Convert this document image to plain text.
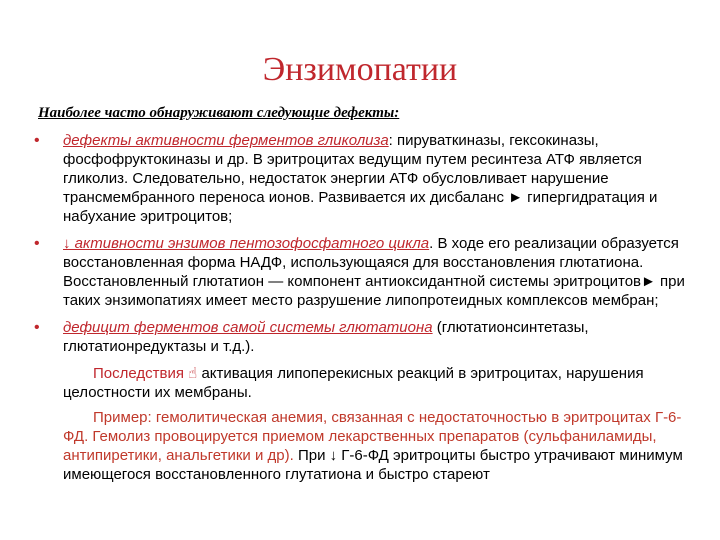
Энзимопатии
Наиболее часто обнаруживают следующие дефекты:
• дефекты активности ферментов гликолиза: пируваткиназы, гексокиназы, фосфофруктокиназы и др. В эритроцитах ведущим путем ресинтеза АТФ является гликолиз. Следовательно, недостаток энергии АТФ обусловливает нарушение трансмембранного переноса ионов. Развивается их дисбаланс ► гипергидратация и набухание эритроцитов;
• ↓ активности энзимов пентозофосфатного цикла. В ходе его реализации образуется восстановленная форма НАДФ, использующаяся для восстановления глютатиона. Восстановленный глютатион — компонент антиоксидантной системы эритроцитов► при таких энзимопатиях имеет место разрушение липопротеидных комплексов мембран;
• дефицит ферментов самой системы глютатиона (глютатионсинтетазы, глютатионредуктазы и т.д.).
Последствия ☝ активация липоперекисных реакций в эритроцитах, нарушения целостности их мембраны.
Пример: гемолитическая анемия, связанная с недостаточностью в эритроцитах Г-6-ФД. Гемолиз провоцируется приемом лекарственных препаратов (сульфаниламиды, антипиретики, анальгетики и др). При ↓ Г-6-ФД эритроциты быстро утрачивают минимум имеющегося восстановленного глутатиона и быстро стареют
